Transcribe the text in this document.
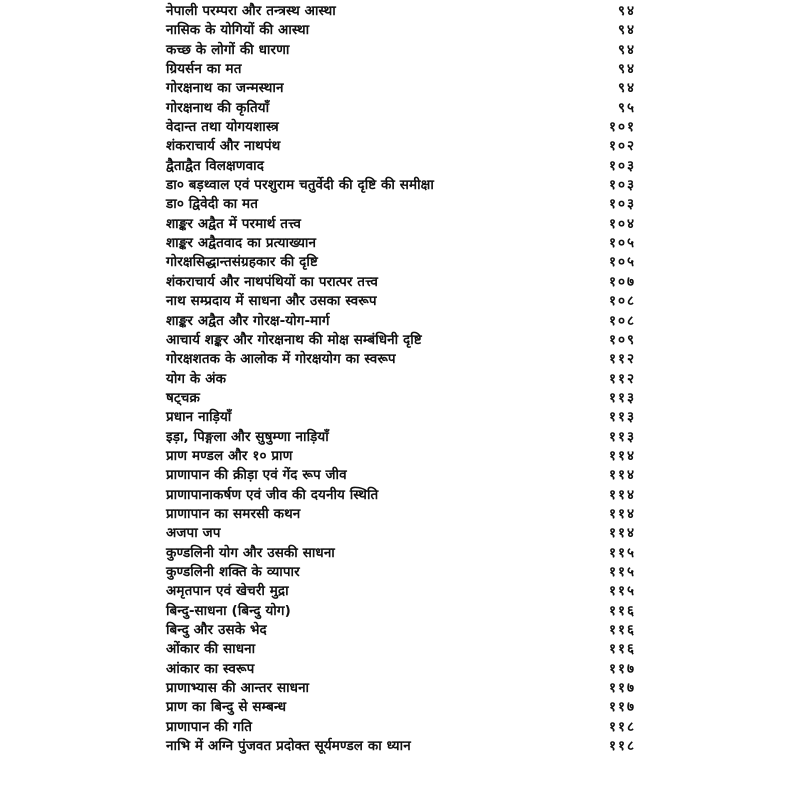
नेपाली परम्परा और तन्त्रस्थ आस्था	९४
नासिक के योगियों की आस्था	९४
कच्छ के लोगों की धारणा	९४
ग्रियर्सन का मत	९४
गोरक्षनाथ का जन्मस्थान	९४
गोरक्षनाथ की कृतियाँ	९५
वेदान्त तथा योगयशास्त्र	१०१
शंकराचार्य और नाथपंथ	१०२
द्वैताद्वैत विलक्षणवाद	१०३
डा० बड़थ्वाल एवं परशुराम चतुर्वेदी की दृष्टि की समीक्षा	१०३
डा० द्विवेदी का मत	१०३
शाङ्कर अद्वैत में परमार्थ तत्त्व	१०४
शाङ्कर अद्वैतवाद का प्रत्याख्यान	१०५
गोरक्षसिद्धान्तसंग्रहकार की दृष्टि	१०५
शंकराचार्य और नाथपंथियों का परात्पर तत्त्व	१०७
नाथ सम्प्रदाय में साधना और उसका स्वरूप	१०८
शाङ्कर अद्वैत और गोरक्ष-योग-मार्ग	१०८
आचार्य शङ्कर और गोरक्षनाथ की मोक्ष सम्बंधिनी दृष्टि	१०९
गोरक्षशतक के आलोक में गोरक्षयोग का स्वरूप	११२
योग के अंक	११२
षट्चक्र	११३
प्रधान नाड़ियाँ	११३
इड़ा, पिङ्गला और सुषुम्णा नाड़ियाँ	११३
प्राण मण्डल और १० प्राण	११४
प्राणापान की क्रीड़ा एवं गेंद रूप जीव	११४
प्राणापानाकर्षण एवं जीव की दयनीय स्थिति	११४
प्राणापान का समरसी कथन	११४
अजपा जप	११४
कुण्डलिनी योग और उसकी साधना	११५
कुण्डलिनी शक्ति के व्यापार	११५
अमृतपान एवं खेचरी मुद्रा	११५
बिन्दु-साधना (बिन्दु योग)	११६
बिन्दु और उसके भेद	११६
ओंकार की साधना	११६
आंकार का स्वरूप	११७
प्राणाभ्यास की आन्तर साधना	११७
प्राण का बिन्दु से सम्बन्ध	११७
प्राणापान की गति	११८
नाभि में अग्नि पुंजवत प्रदोक्त सूर्यमण्डल का ध्यान	११८
